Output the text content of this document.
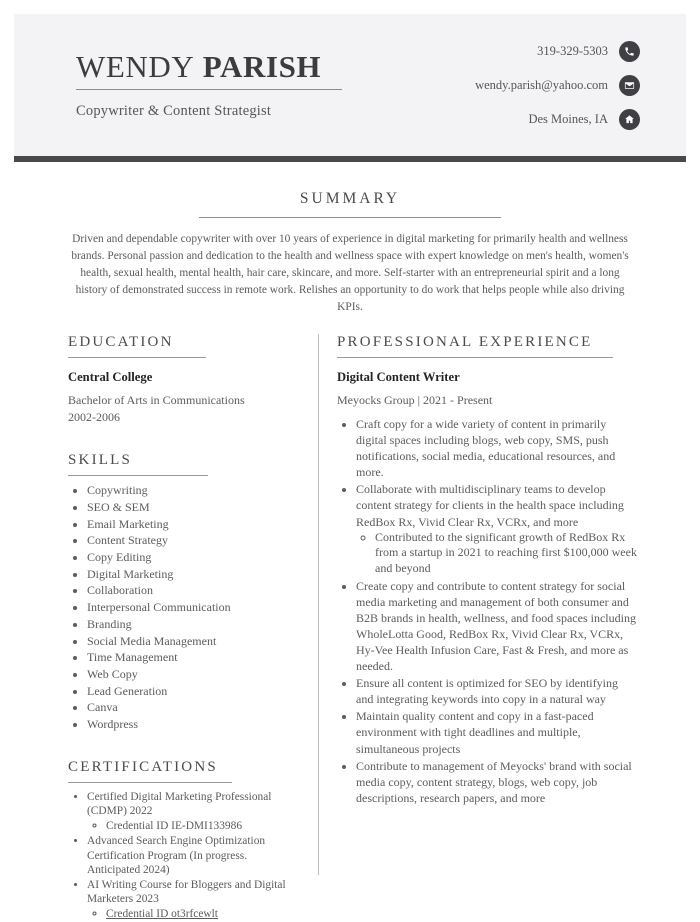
WENDY PARISH
Copywriter & Content Strategist
319-329-5303
wendy.parish@yahoo.com
Des Moines, IA
SUMMARY
Driven and dependable copywriter with over 10 years of experience in digital marketing for primarily health and wellness brands. Personal passion and dedication to the health and wellness space with expert knowledge on men's health, women's health, sexual health, mental health, hair care, skincare, and more. Self-starter with an entrepreneurial spirit and a long history of demonstrated success in remote work. Relishes an opportunity to do work that helps people while also driving KPIs.
EDUCATION
Central College
Bachelor of Arts in Communications
2002-2006
SKILLS
• Copywriting
• SEO & SEM
• Email Marketing
• Content Strategy
• Copy Editing
• Digital Marketing
• Collaboration
• Interpersonal Communication
• Branding
• Social Media Management
• Time Management
• Web Copy
• Lead Generation
• Canva
• Wordpress
CERTIFICATIONS
• Certified Digital Marketing Professional (CDMP) 2022
◦ Credential ID IE-DMI133986
• Advanced Search Engine Optimization Certification Program (In progress. Anticipated 2024)
• AI Writing Course for Bloggers and Digital Marketers 2023
◦ Credential ID ot3rfcewlt
PROFESSIONAL EXPERIENCE
Digital Content Writer
Meyocks Group | 2021 - Present
• Craft copy for a wide variety of content in primarily digital spaces including blogs, web copy, SMS, push notifications, social media, educational resources, and more.
• Collaborate with multidisciplinary teams to develop content strategy for clients in the health space including RedBox Rx, Vivid Clear Rx, VCRx, and more
◦ Contributed to the significant growth of RedBox Rx from a startup in 2021 to reaching first $100,000 week and beyond
• Create copy and contribute to content strategy for social media marketing and management of both consumer and B2B brands in health, wellness, and food spaces including WholeLotta Good, RedBox Rx, Vivid Clear Rx, VCRx, Hy-Vee Health Infusion Care, Fast & Fresh, and more as needed.
• Ensure all content is optimized for SEO by identifying and integrating keywords into copy in a natural way
• Maintain quality content and copy in a fast-paced environment with tight deadlines and multiple, simultaneous projects
• Contribute to management of Meyocks' brand with social media copy, content strategy, blogs, web copy, job descriptions, research papers, and more
